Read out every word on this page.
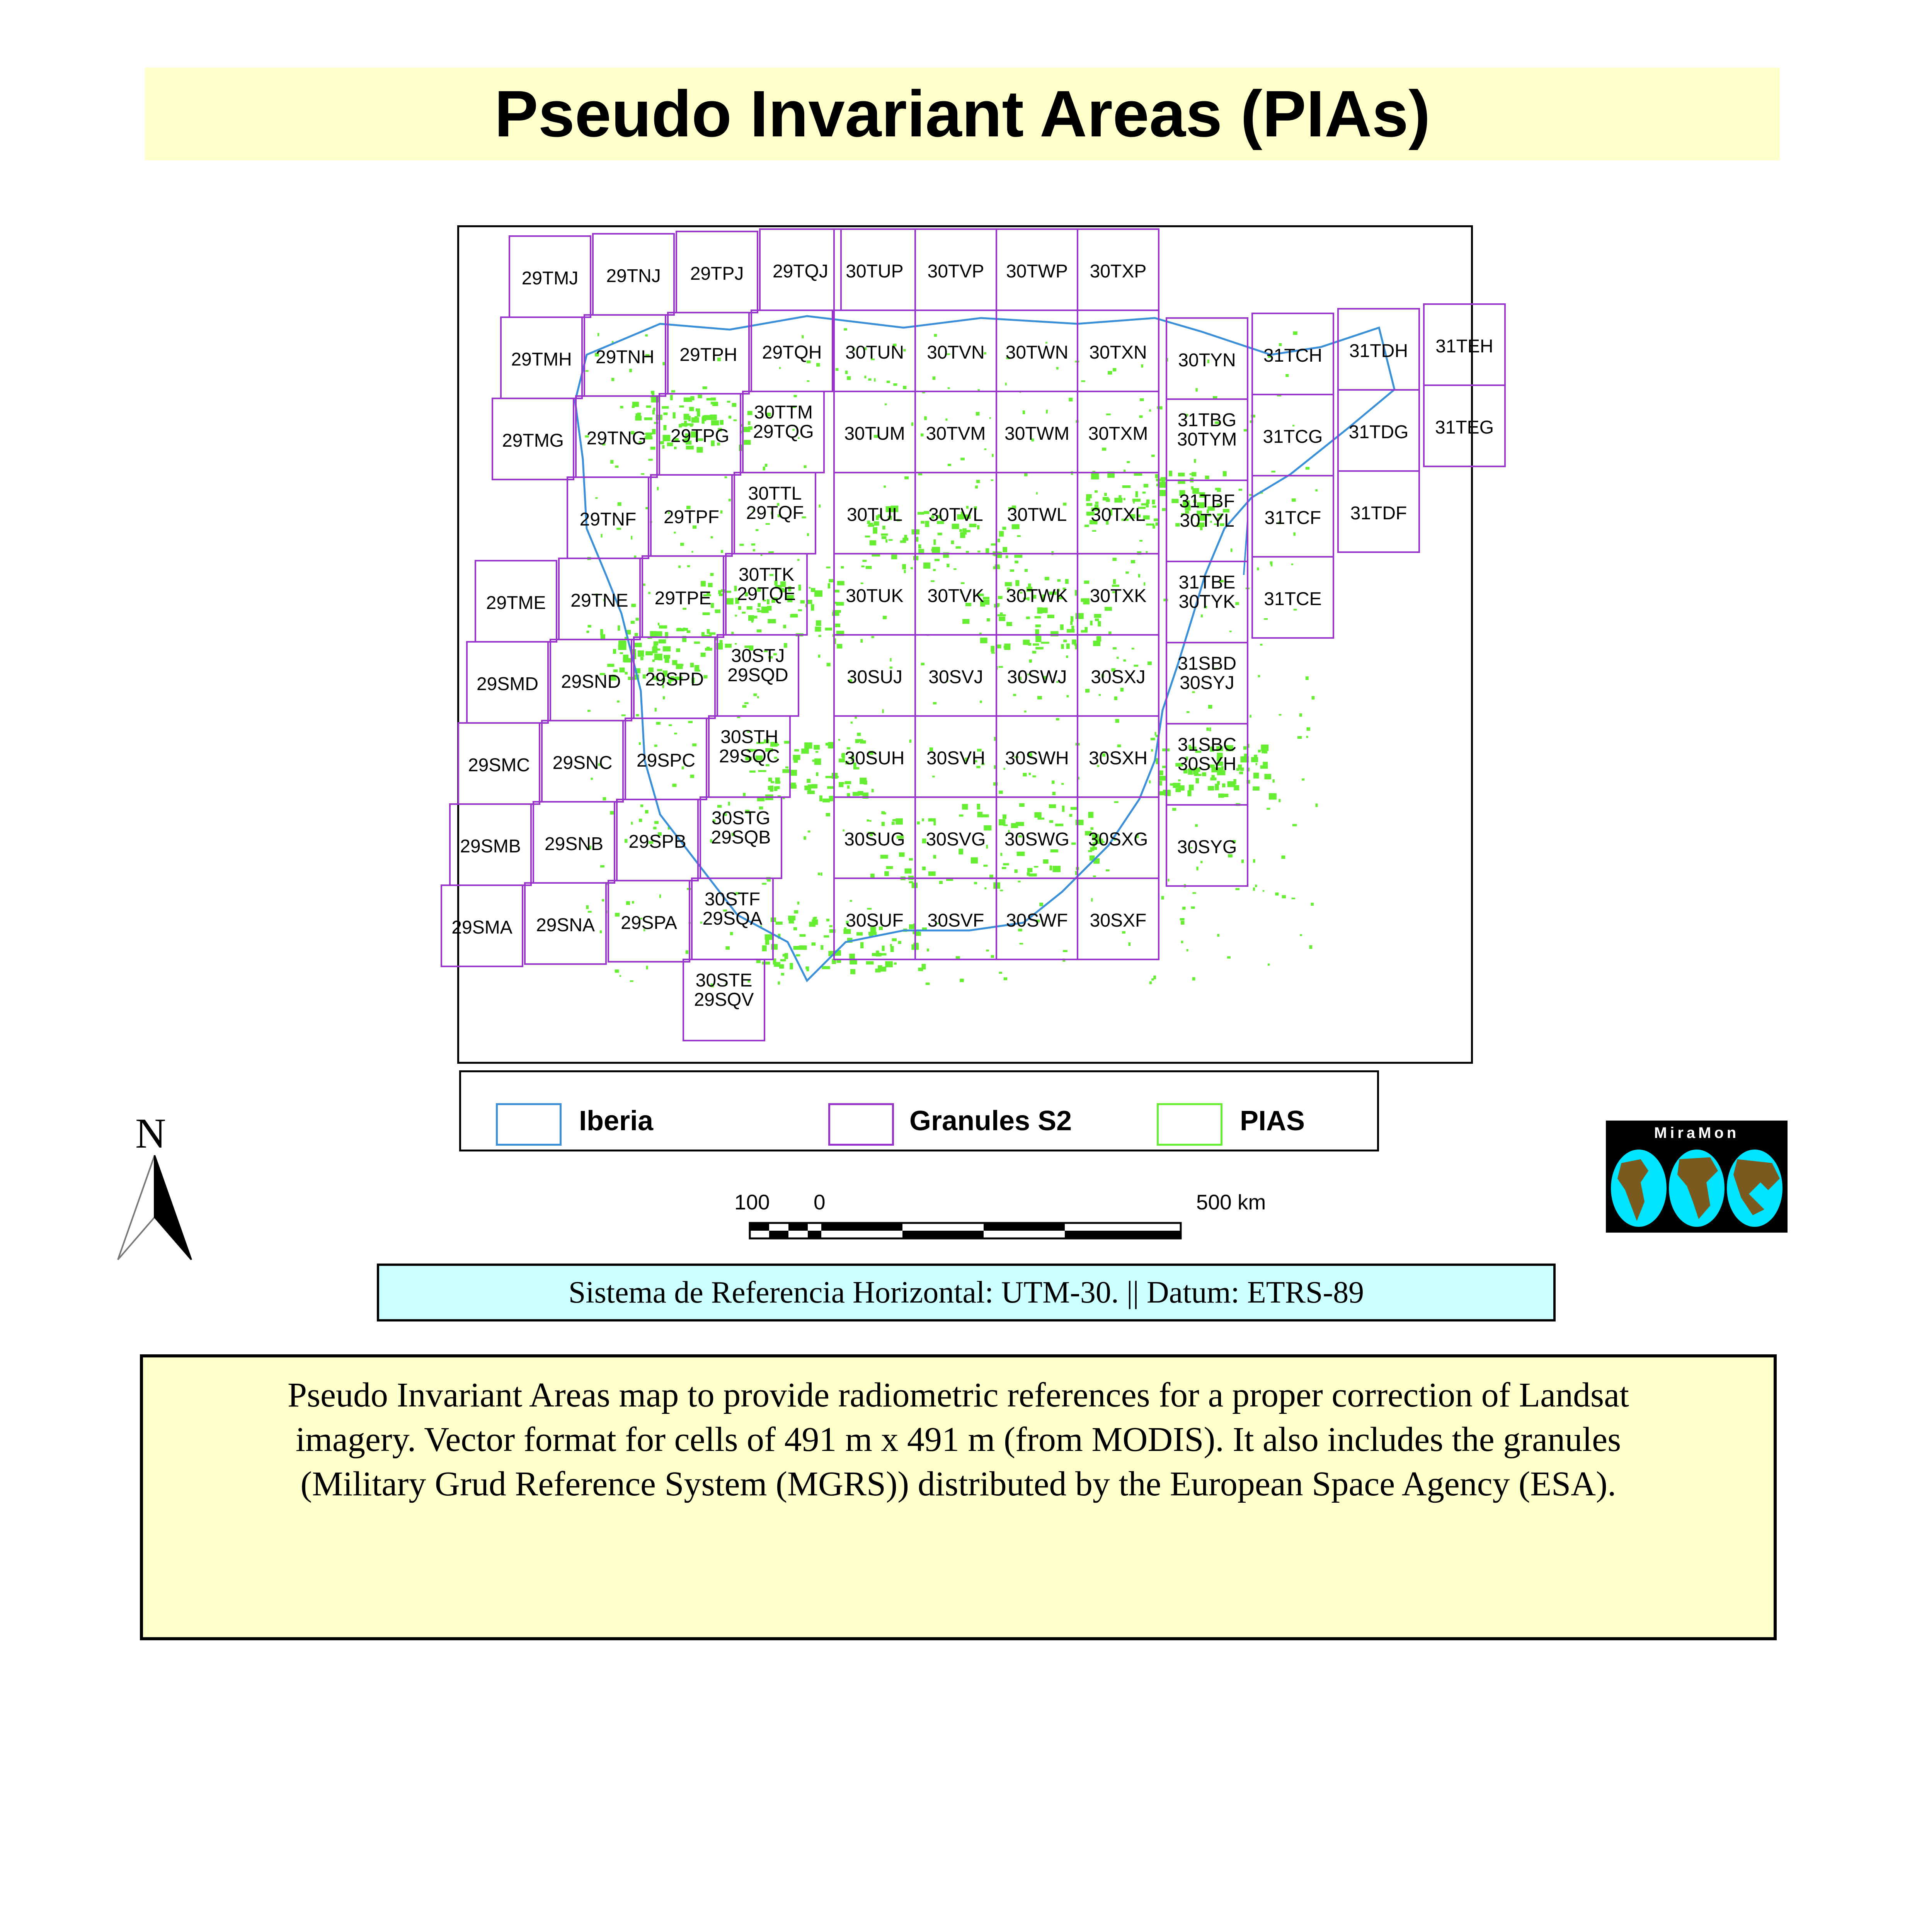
Pseudo Invariant Areas (PIAs)
29TMJ 29TNJ 29TPJ 29TQJ 30TUP 30TVP 30TWP 30TXP
29TMH 29TNH 29TPH 29TQH 30TUN 30TVN 30TWN 30TXN 30TYN 31TCH 31TDH 31TEH
29TMG 29TNG 29TPG 29TQG
30TTM
30TUM 30TVM 30TWM 30TXM 30TYM
31TBG
31TCG 31TDG 31TEG
29TNF 29TPF 29TQF
30TTL
30TUL 30TVL 30TWL 30TXL 30TYL
31TBF
31TCF 31TDF
29TME 29TNE 29TPE 29TQE
30TTK
30TUK 30TVK 30TWK 30TXK 30TYK
31TBE
31TCE
29SMD 29SND 29SPD 29SQD
30STJ
30SUJ 30SVJ 30SWJ 30SXJ 30SYJ
31SBD
29SMC 29SNC 29SPC 29SQC
30STH
30SUH 30SVH 30SWH 30SXH 30SYH
31SBC
29SMB 29SNB 29SPB 29SQB
30STG
30SUG 30SVG 30SWG 30SXG 30SYG
29SMA 29SNA 29SPA 29SQA
30STF
30SUF 30SVF 30SWF 30SXF
29SQV
30STE
Iberia	Granules S2	PIAS
N	MiraMon
100 0	500 km
Sistema de Referencia Horizontal: UTM-30. || Datum: ETRS-89
Pseudo Invariant Areas map to provide radiometric references for a proper correction of Landsat imagery. Vector format for cells of 491 m x 491 m (from MODIS). It also includes the granules (Military Grud Reference System (MGRS)) distributed by the European Space Agency (ESA).
